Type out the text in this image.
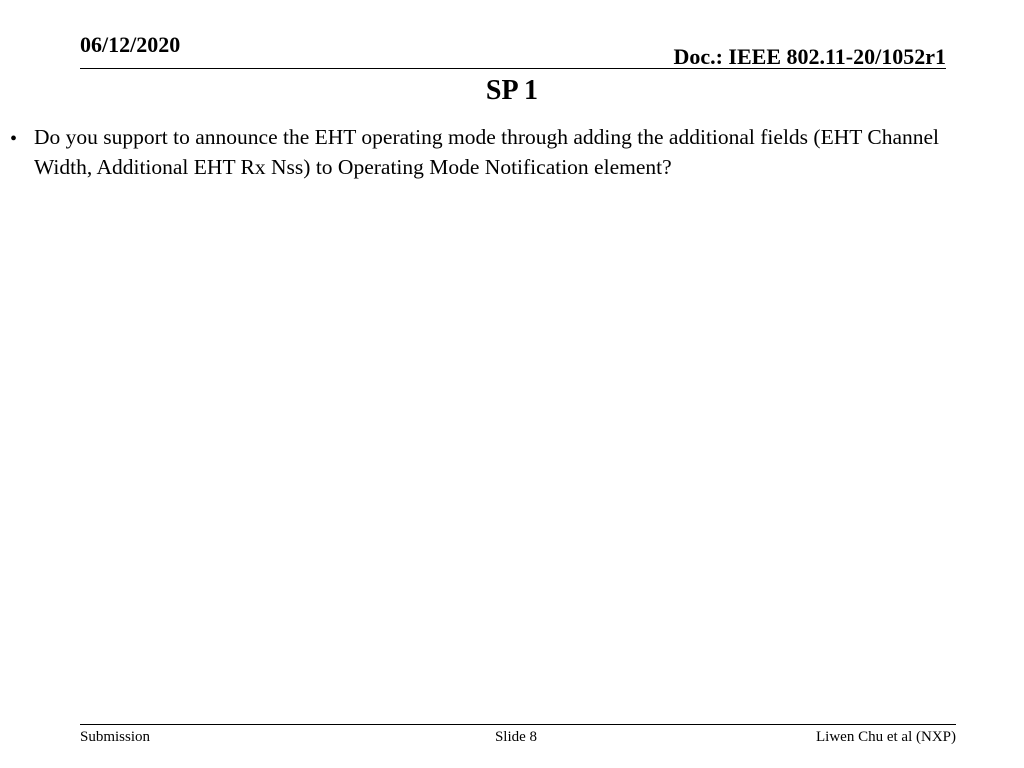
06/12/2020	Doc.: IEEE 802.11-20/1052r1
SP 1
• Do you support to announce the EHT operating mode through adding the additional fields (EHT Channel Width, Additional EHT Rx Nss) to Operating Mode Notification element?
Submission	Slide 8	Liwen Chu et al (NXP)
